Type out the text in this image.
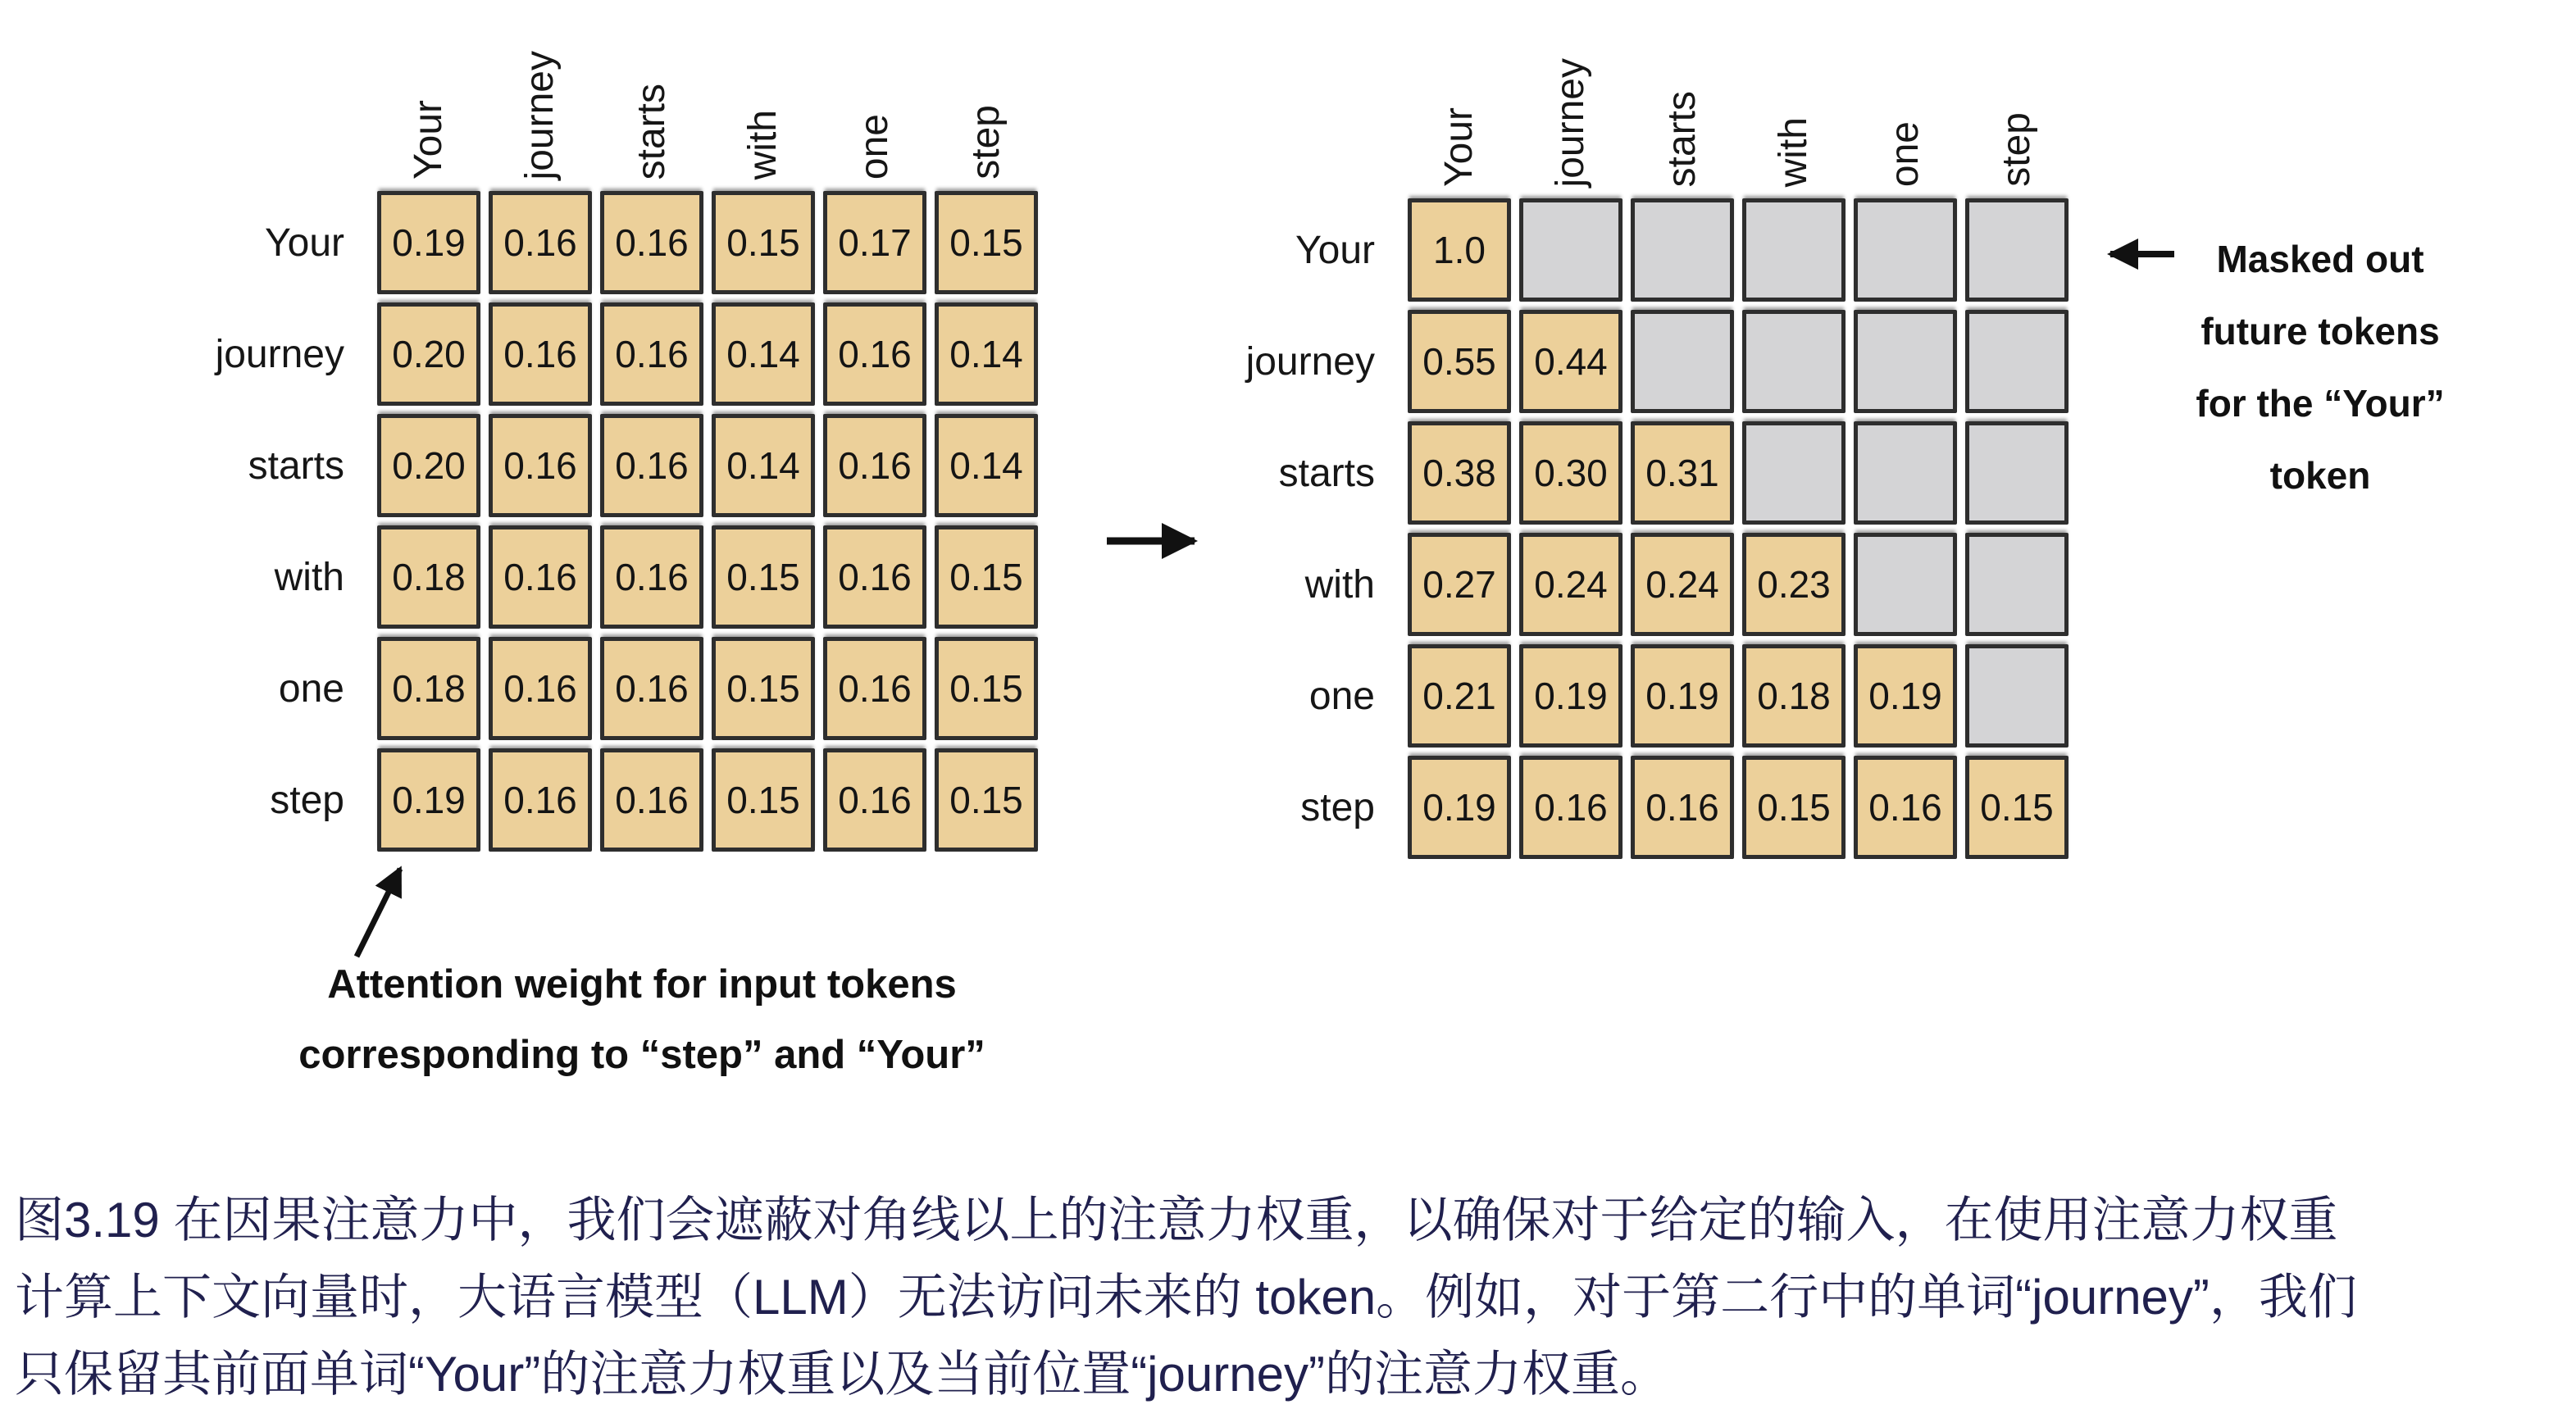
Your journey starts with one step
Your	0.19	0.16	0.16	0.15	0.17	0.15
journey	0.20	0.16	0.16	0.14	0.16	0.14
starts	0.20	0.16	0.16	0.14	0.16	0.14
with	0.18	0.16	0.16	0.15	0.16	0.15
one	0.18	0.16	0.16	0.15	0.16	0.15
step	0.19	0.16	0.16	0.15	0.16	0.15
Your journey starts with one step
Your	1.0
journey	0.55	0.44
starts	0.38	0.30	0.31
with	0.27	0.24	0.24	0.23
one	0.21	0.19	0.19	0.18	0.19
step	0.19	0.16	0.16	0.15	0.16	0.15
Masked out
future tokens
for the “Your”
token
Attention weight for input tokens
corresponding to “step” and “Your”
图3.19 在因果注意力中，我们会遮蔽对角线以上的注意力权重，以确保对于给定的输入，在使用注意力权重
计算上下文向量时，大语言模型（LLM）无法访问未来的 token。例如，对于第二行中的单词“journey”，我们
只保留其前面单词“Your”的注意力权重以及当前位置“journey”的注意力权重。
